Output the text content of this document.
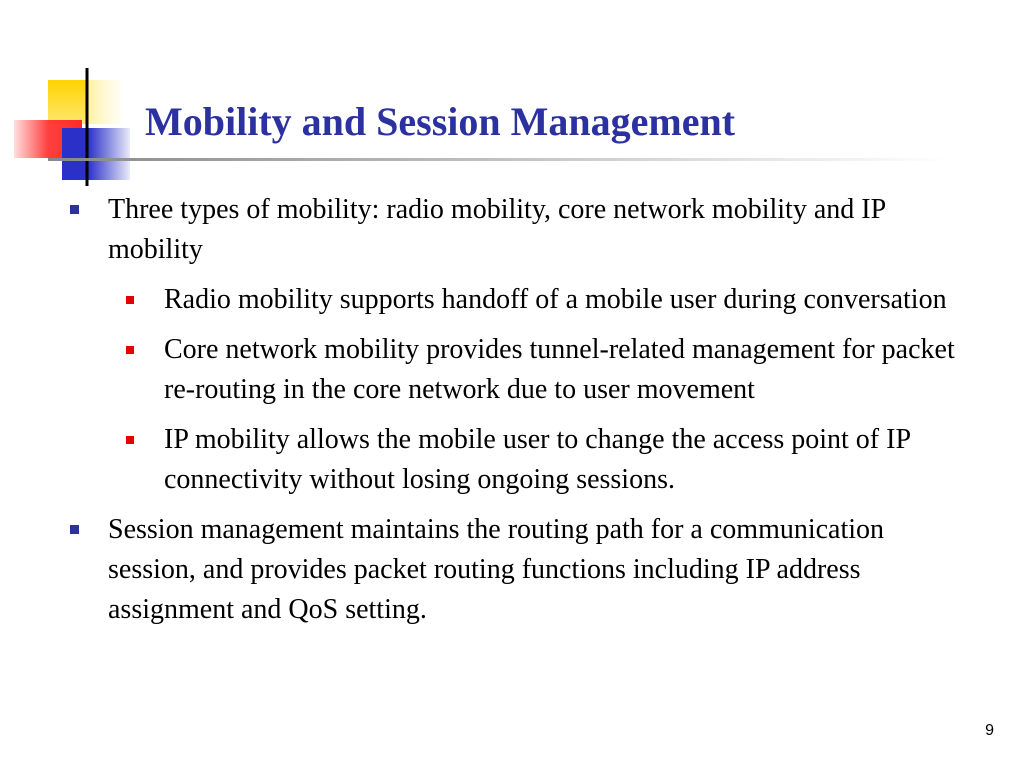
Mobility and Session Management
Three types of mobility: radio mobility, core network mobility and IP mobility
Radio mobility supports handoff of a mobile user during conversation
Core network mobility provides tunnel-related management for packet re-routing in the core network due to user movement
IP mobility allows the mobile user to change the access point of IP connectivity without losing ongoing sessions.
Session management maintains the routing path for a communication session, and provides packet routing functions including IP address assignment and QoS setting.
9
